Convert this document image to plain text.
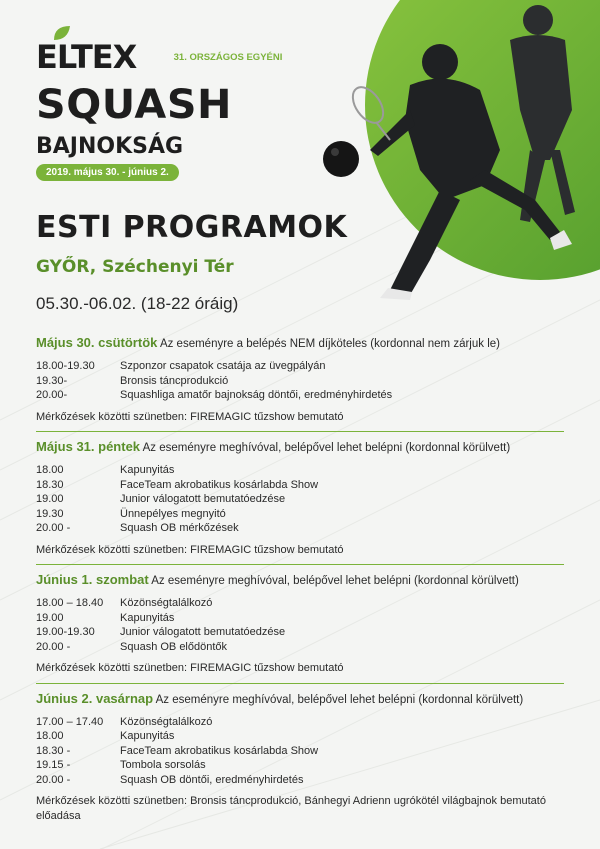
ELTEX	31. ORSZÁGOS EGYÉNI
SQUASH
BAJNOKSÁG
2019. május 30. - június 2.
ESTI PROGRAMOK
GYŐR, Széchenyi Tér
05.30.-06.02. (18-22 óráig)
Május 30. csütörtök Az eseményre a belépés NEM díjköteles (kordonnal nem zárjuk le)
18.00-19.30	Szponzor csapatok csatája az üvegpályán
19.30-	Bronsis táncprodukció
20.00-	Squashliga amatőr bajnokság döntői, eredményhirdetés
Mérkőzések közötti szünetben: FIREMAGIC tűzshow bemutató
Május 31. péntek Az eseményre meghívóval, belépővel lehet belépni (kordonnal körülvett)
18.00	Kapunyitás
18.30	FaceTeam akrobatikus kosárlabda Show
19.00	Junior válogatott bemutatóedzése
19.30	Ünnepélyes megnyitó
20.00 -	Squash OB mérkőzések
Mérkőzések közötti szünetben: FIREMAGIC tűzshow bemutató
Június 1. szombat Az eseményre meghívóval, belépővel lehet belépni (kordonnal körülvett)
18.00 – 18.40	Közönségtalálkozó
19.00	Kapunyitás
19.00-19.30	Junior válogatott bemutatóedzése
20.00 -	Squash OB elődöntők
Mérkőzések közötti szünetben: FIREMAGIC tűzshow bemutató
Június 2. vasárnap Az eseményre meghívóval, belépővel lehet belépni (kordonnal körülvett)
17.00 – 17.40	Közönségtalálkozó
18.00	Kapunyitás
18.30 -	FaceTeam akrobatikus kosárlabda Show
19.15 -	Tombola sorsolás
20.00 -	Squash OB döntői, eredményhirdetés
Mérkőzések közötti szünetben: Bronsis táncprodukció, Bánhegyi Adrienn ugrókötél világbajnok bemutató előadása
